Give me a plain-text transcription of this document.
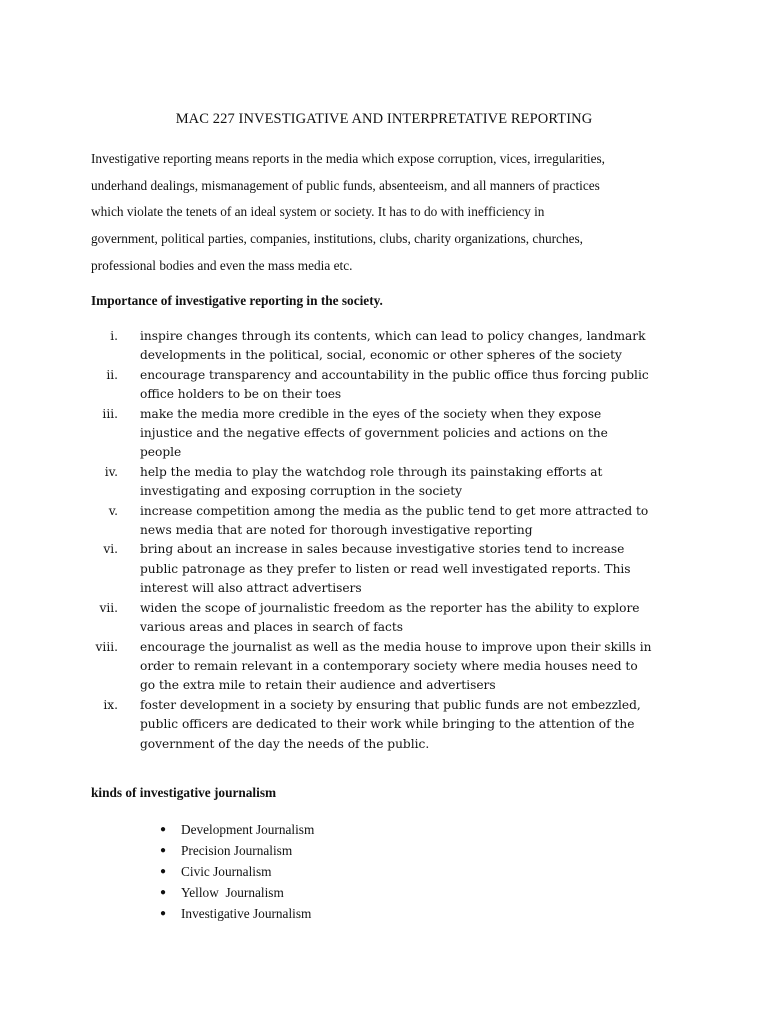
MAC 227 INVESTIGATIVE AND INTERPRETATIVE REPORTING
Investigative reporting means reports in the media which expose corruption, vices, irregularities,
underhand dealings, mismanagement of public funds, absenteeism, and all manners of practices
which violate the tenets of an ideal system or society. It has to do with inefficiency in
government, political parties, companies, institutions, clubs, charity organizations, churches,
professional bodies and even the mass media etc.
Importance of investigative reporting in the society.
i. inspire changes through its contents, which can lead to policy changes, landmark
developments in the political, social, economic or other spheres of the society
ii. encourage transparency and accountability in the public office thus forcing public
office holders to be on their toes
iii. make the media more credible in the eyes of the society when they expose
injustice and the negative effects of government policies and actions on the
people
iv. help the media to play the watchdog role through its painstaking efforts at
investigating and exposing corruption in the society
v. increase competition among the media as the public tend to get more attracted to
news media that are noted for thorough investigative reporting
vi. bring about an increase in sales because investigative stories tend to increase
public patronage as they prefer to listen or read well investigated reports. This
interest will also attract advertisers
vii. widen the scope of journalistic freedom as the reporter has the ability to explore
various areas and places in search of facts
viii. encourage the journalist as well as the media house to improve upon their skills in
order to remain relevant in a contemporary society where media houses need to
go the extra mile to retain their audience and advertisers
ix. foster development in a society by ensuring that public funds are not embezzled,
public officers are dedicated to their work while bringing to the attention of the
government of the day the needs of the public.
kinds of investigative journalism
● Development Journalism
● Precision Journalism
● Civic Journalism
● Yellow  Journalism
● Investigative Journalism
